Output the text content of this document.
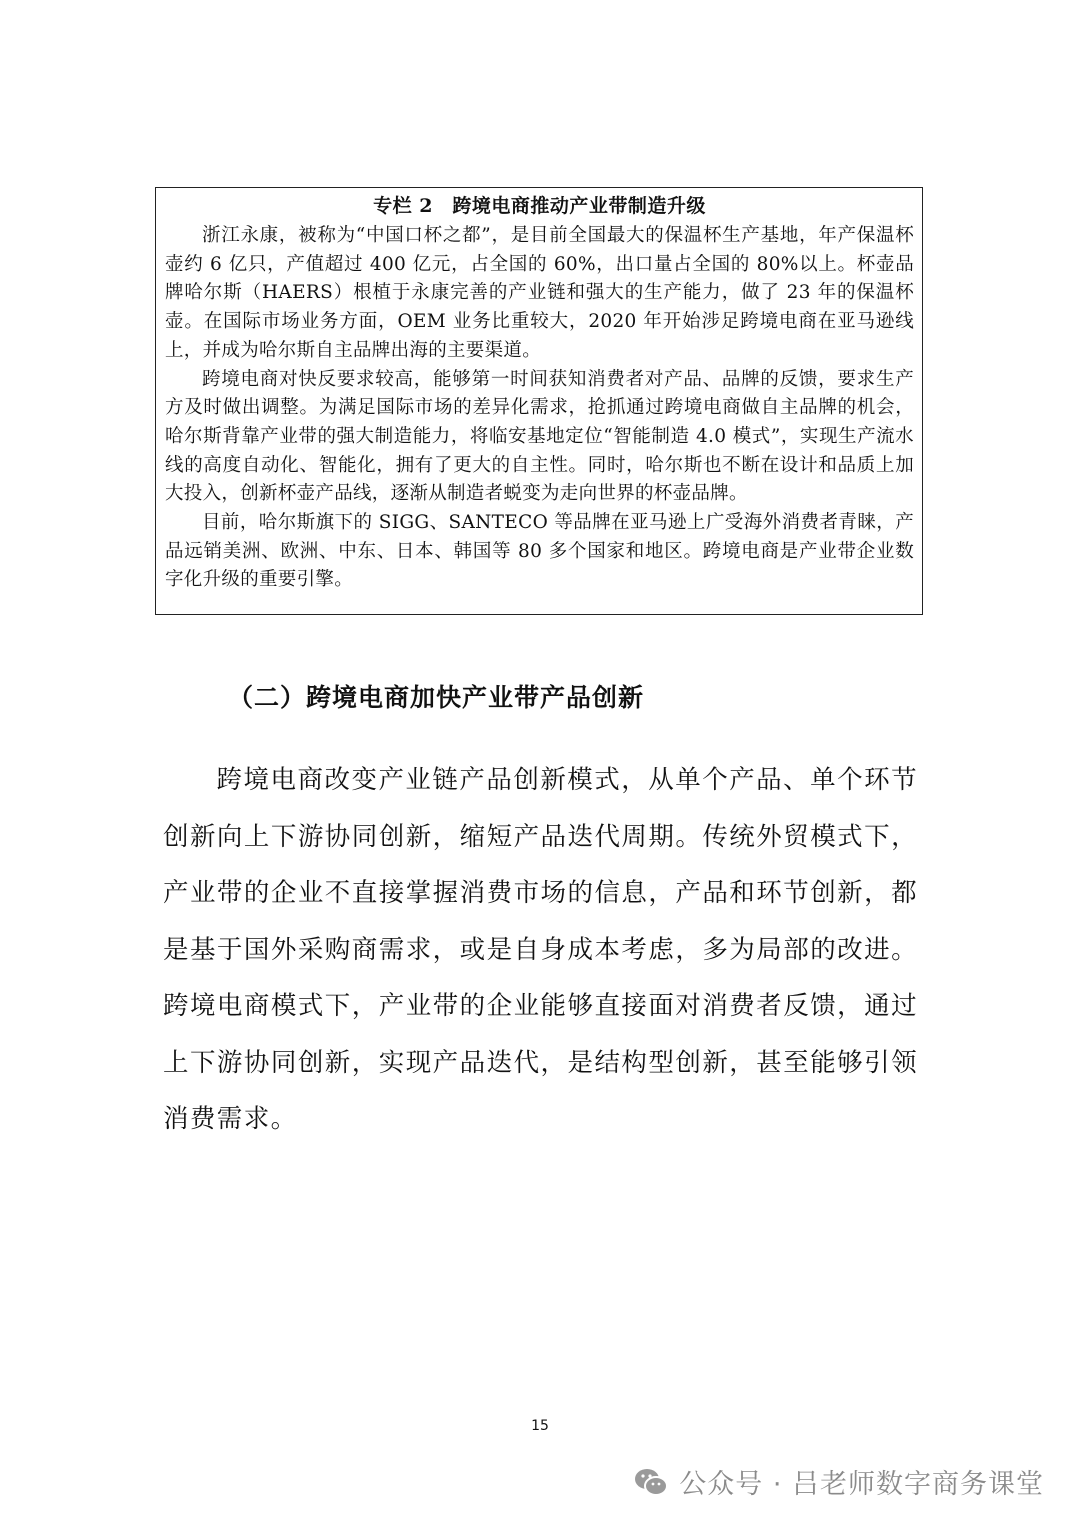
专栏 2　跨境电商推动产业带制造升级

浙江永康，被称为“中国口杯之都”，是目前全国最大的保温杯生产基地，年产保温杯壶约 6 亿只，产值超过 400 亿元，占全国的 60%，出口量占全国的 80%以上。杯壶品牌哈尔斯（HAERS）根植于永康完善的产业链和强大的生产能力，做了 23 年的保温杯壶。在国际市场业务方面，OEM 业务比重较大，2020 年开始涉足跨境电商在亚马逊线上，并成为哈尔斯自主品牌出海的主要渠道。

跨境电商对快反要求较高，能够第一时间获知消费者对产品、品牌的反馈，要求生产方及时做出调整。为满足国际市场的差异化需求，抢抓通过跨境电商做自主品牌的机会，哈尔斯背靠产业带的强大制造能力，将临安基地定位“智能制造 4.0 模式”，实现生产流水线的高度自动化、智能化，拥有了更大的自主性。同时，哈尔斯也不断在设计和品质上加大投入，创新杯壶产品线，逐渐从制造者蜕变为走向世界的杯壶品牌。

目前，哈尔斯旗下的 SIGG、SANTECO 等品牌在亚马逊上广受海外消费者青睐，产品远销美洲、欧洲、中东、日本、韩国等 80 多个国家和地区。跨境电商是产业带企业数字化升级的重要引擎。

（二）跨境电商加快产业带产品创新

跨境电商改变产业链产品创新模式，从单个产品、单个环节创新向上下游协同创新，缩短产品迭代周期。传统外贸模式下，产业带的企业不直接掌握消费市场的信息，产品和环节创新，都是基于国外采购商需求，或是自身成本考虑，多为局部的改进。跨境电商模式下，产业带的企业能够直接面对消费者反馈，通过上下游协同创新，实现产品迭代，是结构型创新，甚至能够引领消费需求。

15
公众号 · 吕老师数字商务课堂
